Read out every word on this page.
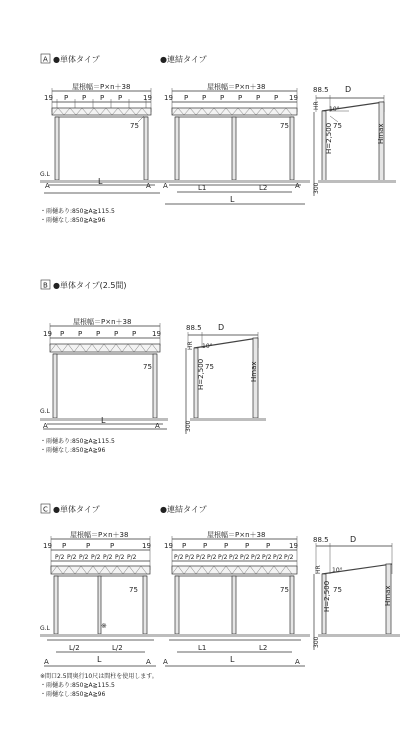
A ●単体タイプ	●連結タイプ
屋根幅＝P×n＋38
19	19
P P P P
75
G.L
A	A
L
・雨樋あり:850≧A≧115.5
・雨樋なし:850≧A≧96
屋根幅＝P×n＋38
19	19
P P P P P P
75
A	A
L1	L2
L
88.5 D
10°
HR
75
H=2,500	Hmax
300
B ●単体タイプ(2.5間)
屋根幅＝P×n＋38
19	19
P P P P P
75
G.L
A	A
L
・雨樋あり:850≧A≧115.5
・雨樋なし:850≧A≧96
88.5 D
10°
HR
75
H=2,500	Hmax
300
C ●単体タイプ	●連結タイプ
屋根幅＝P×n＋38
19	19
P	P	P
P/2 P/2 P/2 P/2 P/2 P/2 P/2
75
※
G.L
L/2	L/2
A	A
L
※間口2.5間奥行10尺は間柱を使用します。
・雨樋あり:850≧A≧115.5
・雨樋なし:850≧A≧96
屋根幅＝P×n＋38
19	19
P P P P P
P/2 P/2 P/2 P/2 P/2 P/2 P/2 P/2 P/2 P/2 P/2
75
L1	L2
A	A
L
88.5	D
10°
HR
75
H=2,500	Hmax
300
